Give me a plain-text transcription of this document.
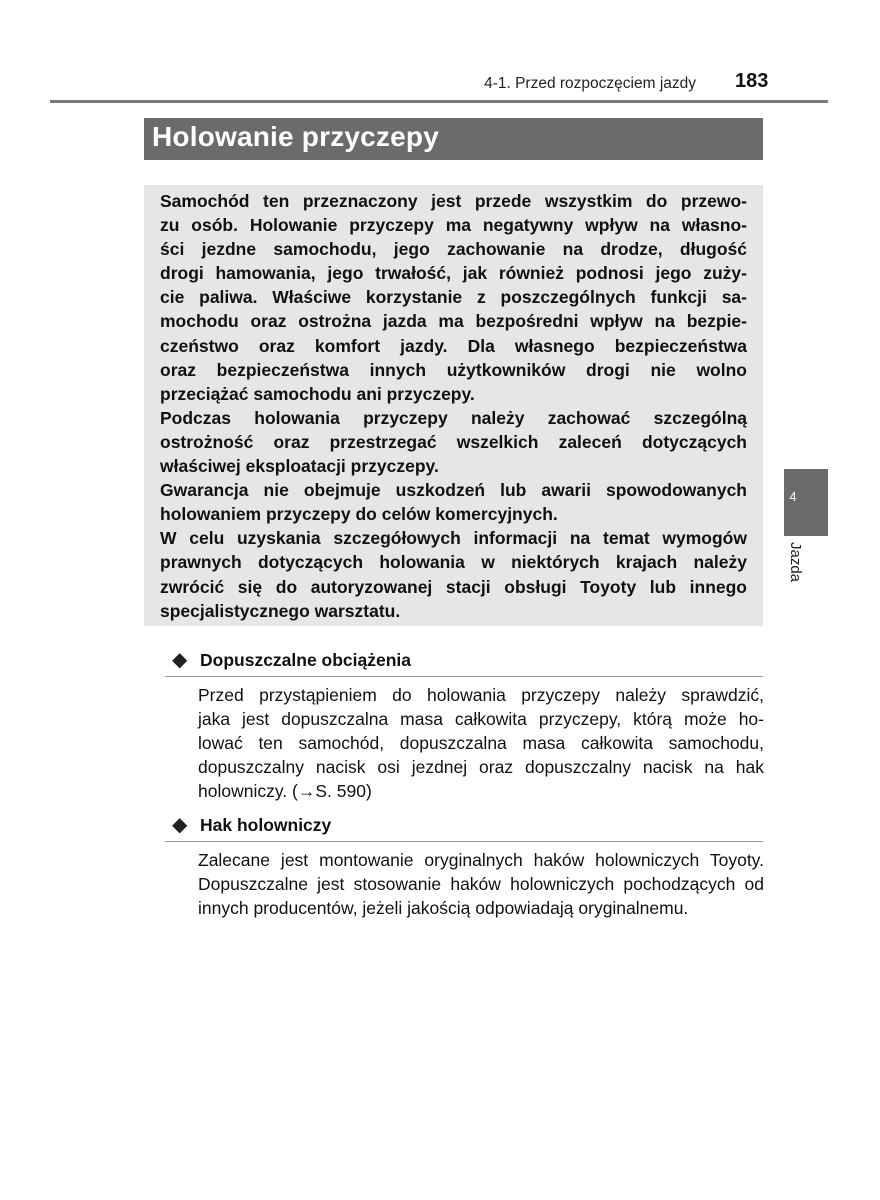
4-1. Przed rozpoczęciem jazdy 183
Holowanie przyczepy
Samochód ten przeznaczony jest przede wszystkim do przewo-
zu osób. Holowanie przyczepy ma negatywny wpływ na własno-
ści jezdne samochodu, jego zachowanie na drodze, długość
drogi hamowania, jego trwałość, jak również podnosi jego zuży-
cie paliwa. Właściwe korzystanie z poszczególnych funkcji sa-
mochodu oraz ostrożna jazda ma bezpośredni wpływ na bezpie-
czeństwo oraz komfort jazdy. Dla własnego bezpieczeństwa
oraz bezpieczeństwa innych użytkowników drogi nie wolno
przeciążać samochodu ani przyczepy.
Podczas holowania przyczepy należy zachować szczególną
ostrożność oraz przestrzegać wszelkich zaleceń dotyczących
właściwej eksploatacji przyczepy.
Gwarancja nie obejmuje uszkodzeń lub awarii spowodowanych
holowaniem przyczepy do celów komercyjnych.
W celu uzyskania szczegółowych informacji na temat wymogów
prawnych dotyczących holowania w niektórych krajach należy
zwrócić się do autoryzowanej stacji obsługi Toyoty lub innego
specjalistycznego warsztatu.
◆ Dopuszczalne obciążenia
Przed przystąpieniem do holowania przyczepy należy sprawdzić,
jaka jest dopuszczalna masa całkowita przyczepy, którą może ho-
lować ten samochód, dopuszczalna masa całkowita samochodu,
dopuszczalny nacisk osi jezdnej oraz dopuszczalny nacisk na hak
holowniczy. (→S. 590)
◆ Hak holowniczy
Zalecane jest montowanie oryginalnych haków holowniczych Toyoty.
Dopuszczalne jest stosowanie haków holowniczych pochodzących od
innych producentów, jeżeli jakością odpowiadają oryginalnemu.
4
Jazda
